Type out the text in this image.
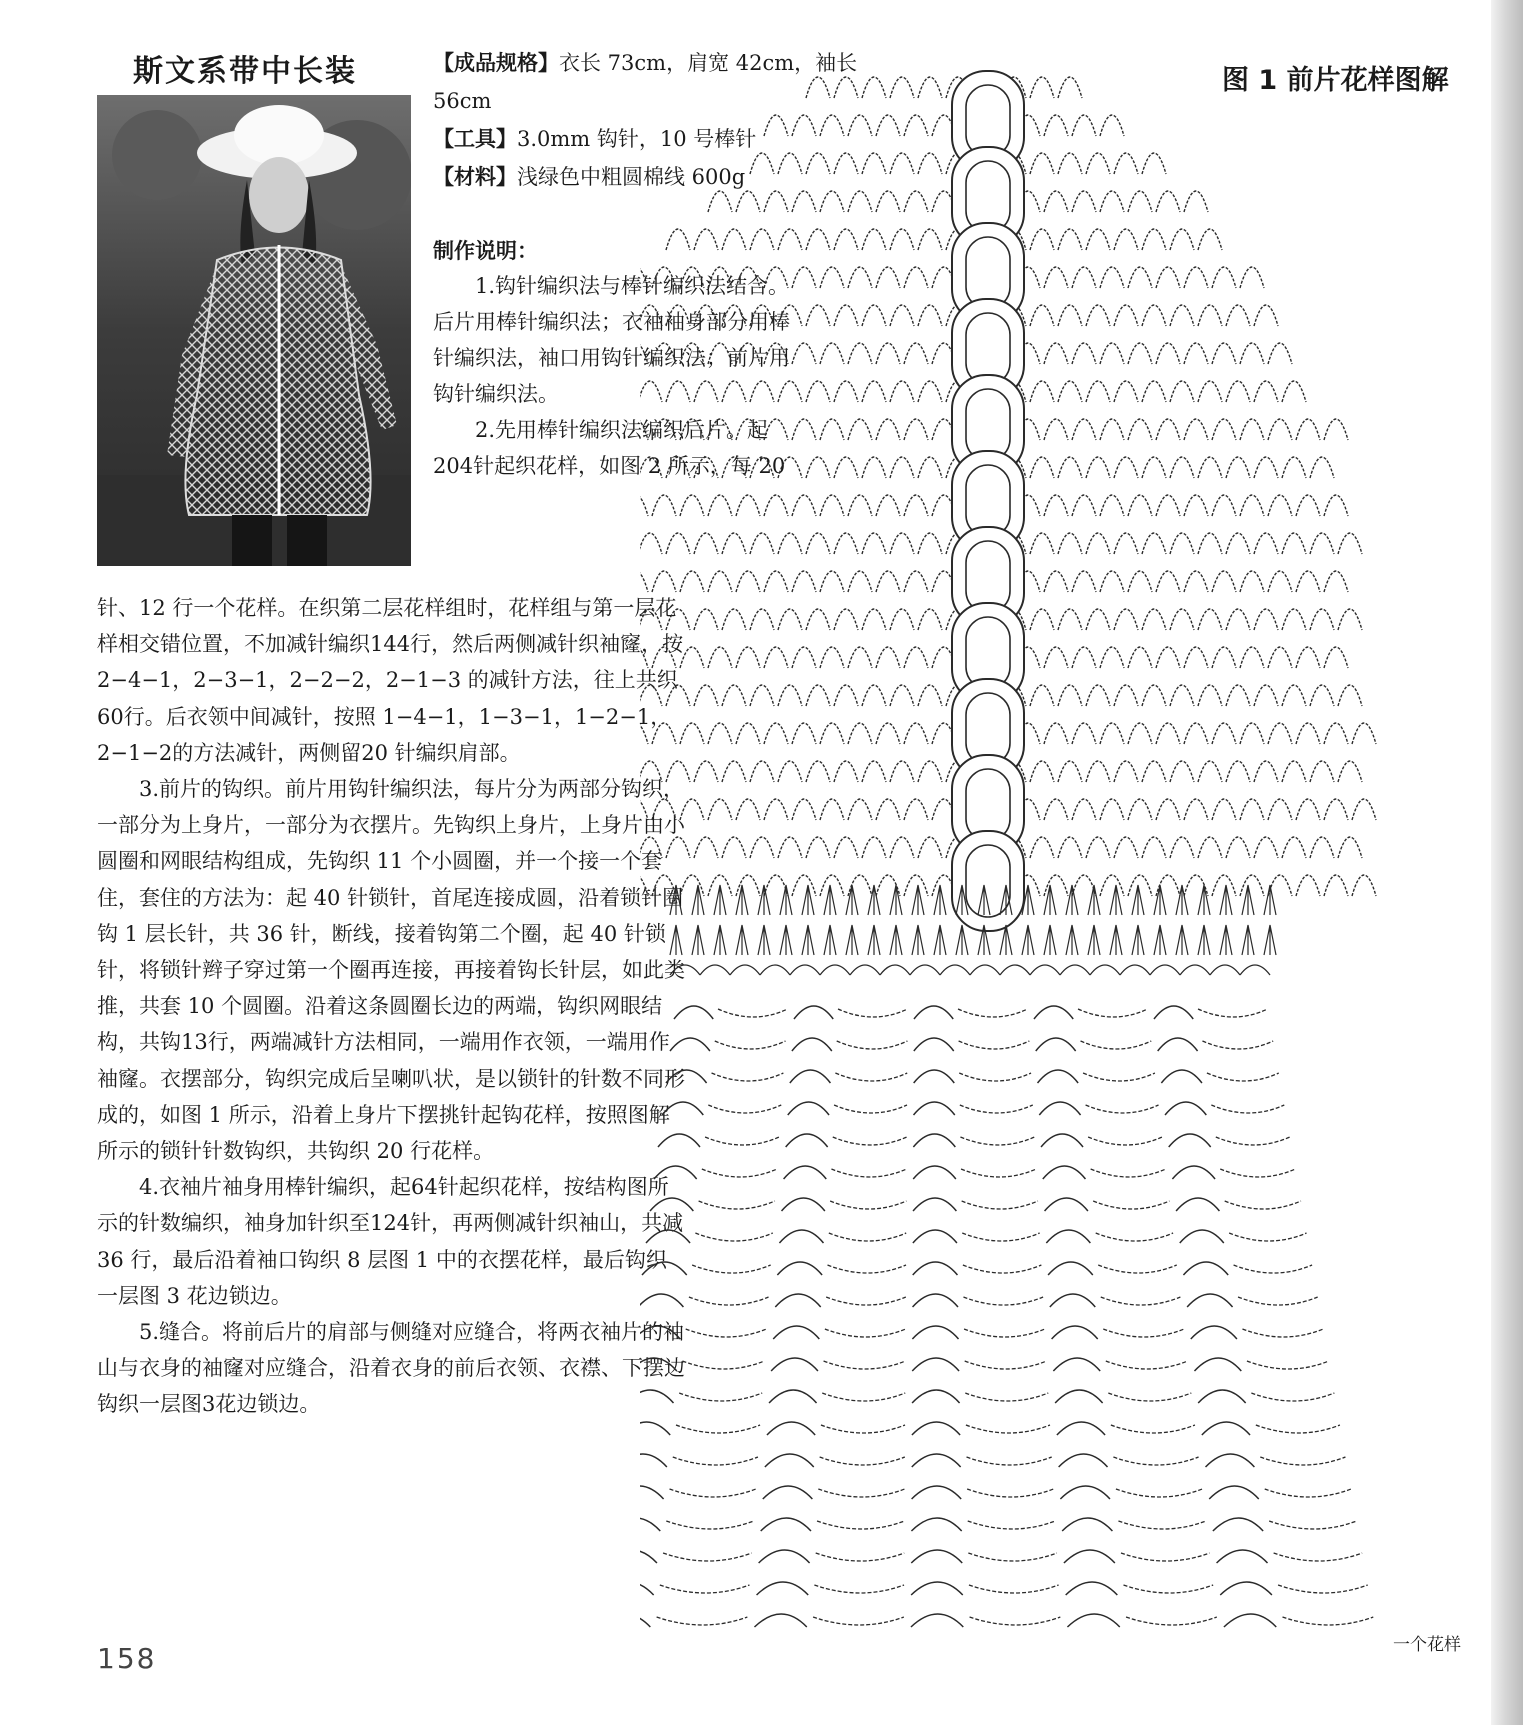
斯文系带中长装	【成品规格】衣长 73cm，肩宽 42cm，袖长 56cm

【工具】3.0mm 钩针，10 号棒针

【材料】浅绿色中粗圆棉线 600g

制作说明：

1.钩针编织法与棒针编织法结合。后片用棒针编织法；衣袖袖身部分用棒针编织法，袖口用钩针编织法；前片用钩针编织法。

2.先用棒针编织法编织后片。起204针起织花样，如图 2 所示，每 20

针、12 行一个花样。在织第二层花样组时，花样组与第一层花样相交错位置，不加减针编织144行，然后两侧减针织袖窿，按2−4−1，2−3−1，2−2−2，2−1−3 的减针方法，往上共织60行。后衣领中间减针，按照 1−4−1，1−3−1，1−2−1，2−1−2的方法减针，两侧留20 针编织肩部。

3.前片的钩织。前片用钩针编织法，每片分为两部分钩织，一部分为上身片，一部分为衣摆片。先钩织上身片，上身片由小圆圈和网眼结构组成，先钩织 11 个小圆圈，并一个接一个套住，套住的方法为：起 40 针锁针，首尾连接成圆，沿着锁针圈钩 1 层长针，共 36 针，断线，接着钩第二个圈，起 40 针锁针，将锁针辫子穿过第一个圈再连接，再接着钩长针层，如此类推，共套 10 个圆圈。沿着这条圆圈长边的两端，钩织网眼结构，共钩13行，两端减针方法相同，一端用作衣领，一端用作袖窿。衣摆部分，钩织完成后呈喇叭状，是以锁针的针数不同形成的，如图 1 所示，沿着上身片下摆挑针起钩花样，按照图解所示的锁针针数钩织，共钩织 20 行花样。

4.衣袖片袖身用棒针编织，起64针起织花样，按结构图所示的针数编织，袖身加针织至124针，再两侧减针织袖山，共减 36 行，最后沿着袖口钩织 8 层图 1 中的衣摆花样，最后钩织一层图 3 花边锁边。

5.缝合。将前后片的肩部与侧缝对应缝合，将两衣袖片的袖山与衣身的袖窿对应缝合，沿着衣身的前后衣领、衣襟、下摆边钩织一层图3花边锁边。

图 1 前片花样图解
一个花样
158
